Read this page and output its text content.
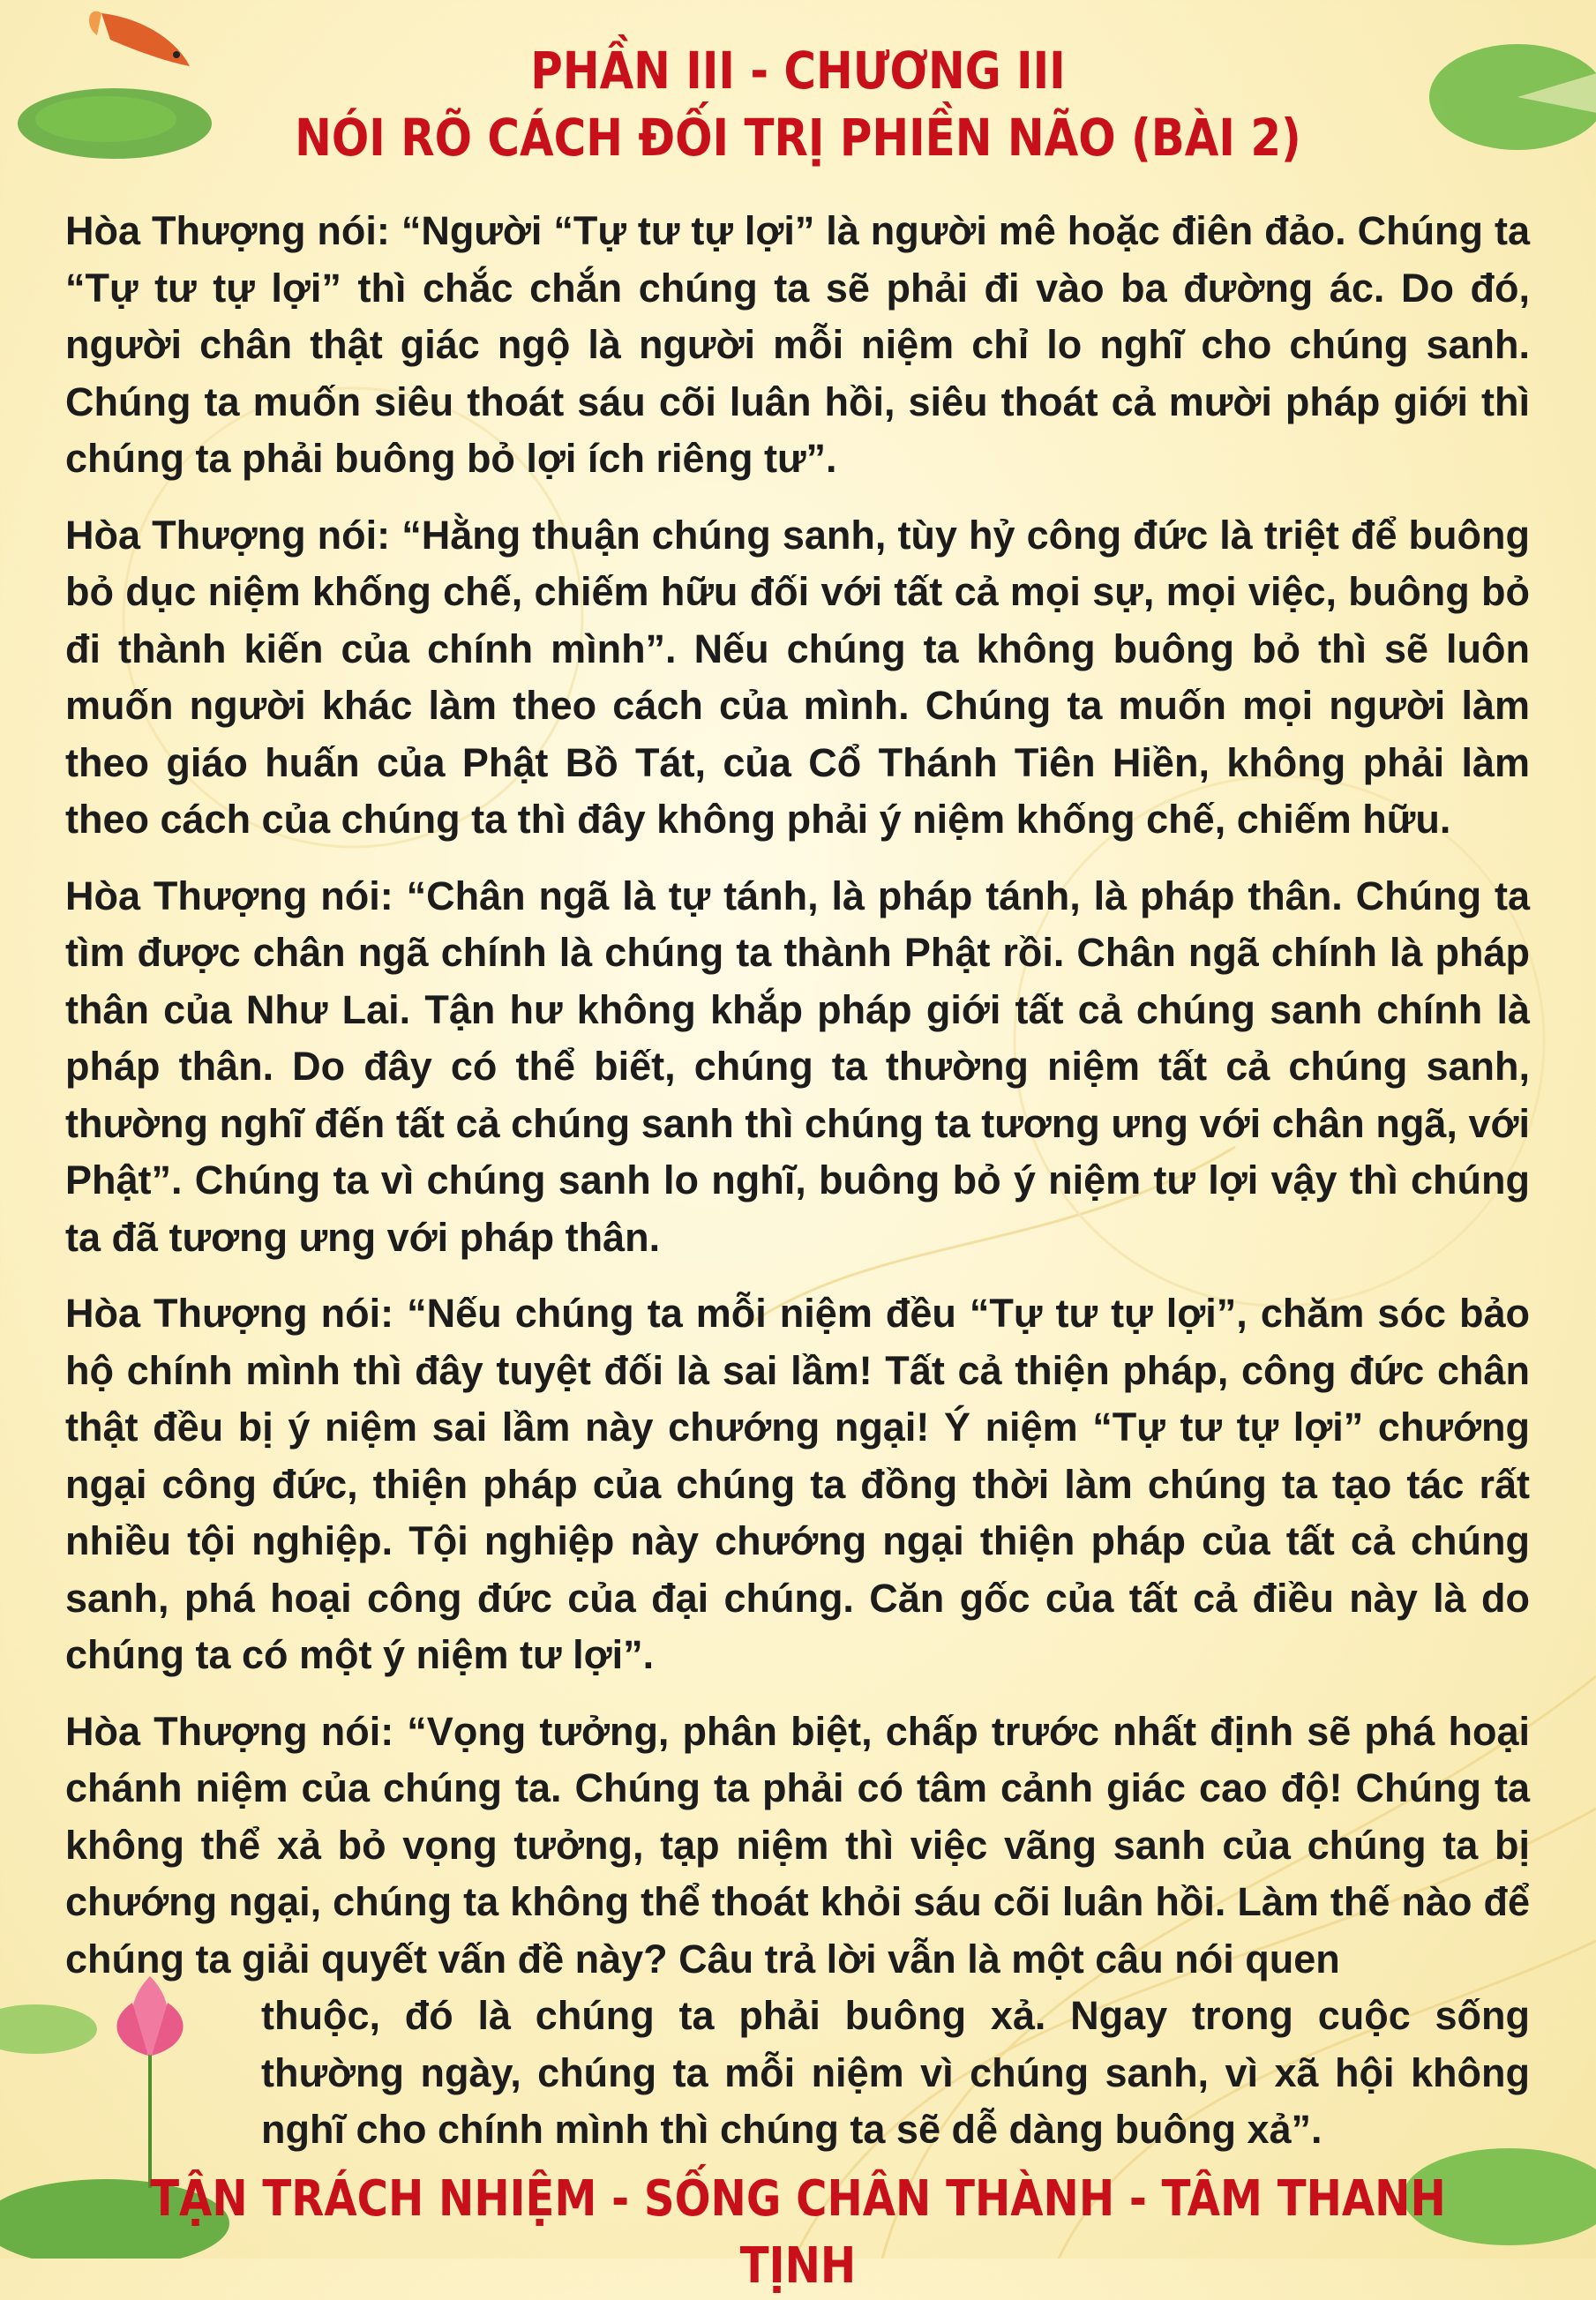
PHẦN III - CHƯƠNG III
NÓI RÕ CÁCH ĐỐI TRỊ PHIỀN NÃO (BÀI 2)

Hòa Thượng nói: “Người “Tự tư tự lợi” là người mê hoặc điên đảo. Chúng ta “Tự tư tự lợi” thì chắc chắn chúng ta sẽ phải đi vào ba đường ác. Do đó, người chân thật giác ngộ là người mỗi niệm chỉ lo nghĩ cho chúng sanh. Chúng ta muốn siêu thoát sáu cõi luân hồi, siêu thoát cả mười pháp giới thì chúng ta phải buông bỏ lợi ích riêng tư”.

Hòa Thượng nói: “Hằng thuận chúng sanh, tùy hỷ công đức là triệt để buông bỏ dục niệm khống chế, chiếm hữu đối với tất cả mọi sự, mọi việc, buông bỏ đi thành kiến của chính mình”. Nếu chúng ta không buông bỏ thì sẽ luôn muốn người khác làm theo cách của mình. Chúng ta muốn mọi người làm theo giáo huấn của Phật Bồ Tát, của Cổ Thánh Tiên Hiền, không phải làm theo cách của chúng ta thì đây không phải ý niệm khống chế, chiếm hữu.

Hòa Thượng nói: “Chân ngã là tự tánh, là pháp tánh, là pháp thân. Chúng ta tìm được chân ngã chính là chúng ta thành Phật rồi. Chân ngã chính là pháp thân của Như Lai. Tận hư không khắp pháp giới tất cả chúng sanh chính là pháp thân. Do đây có thể biết, chúng ta thường niệm tất cả chúng sanh, thường nghĩ đến tất cả chúng sanh thì chúng ta tương ưng với chân ngã, với Phật”. Chúng ta vì chúng sanh lo nghĩ, buông bỏ ý niệm tư lợi vậy thì chúng ta đã tương ưng với pháp thân.

Hòa Thượng nói: “Nếu chúng ta mỗi niệm đều “Tự tư tự lợi”, chăm sóc bảo hộ chính mình thì đây tuyệt đối là sai lầm! Tất cả thiện pháp, công đức chân thật đều bị ý niệm sai lầm này chướng ngại! Ý niệm “Tự tư tự lợi” chướng ngại công đức, thiện pháp của chúng ta đồng thời làm chúng ta tạo tác rất nhiều tội nghiệp. Tội nghiệp này chướng ngại thiện pháp của tất cả chúng sanh, phá hoại công đức của đại chúng. Căn gốc của tất cả điều này là do chúng ta có một ý niệm tư lợi”.

Hòa Thượng nói: “Vọng tưởng, phân biệt, chấp trước nhất định sẽ phá hoại chánh niệm của chúng ta. Chúng ta phải có tâm cảnh giác cao độ! Chúng ta không thể xả bỏ vọng tưởng, tạp niệm thì việc vãng sanh của chúng ta bị chướng ngại, chúng ta không thể thoát khỏi sáu cõi luân hồi. Làm thế nào để chúng ta giải quyết vấn đề này? Câu trả lời vẫn là một câu nói quen

thuộc, đó là chúng ta phải buông xả. Ngay trong cuộc sống thường ngày, chúng ta mỗi niệm vì chúng sanh, vì xã hội không nghĩ cho chính mình thì chúng ta sẽ dễ dàng buông xả”.

TẬN TRÁCH NHIỆM - SỐNG CHÂN THÀNH - TÂM THANH TỊNH
